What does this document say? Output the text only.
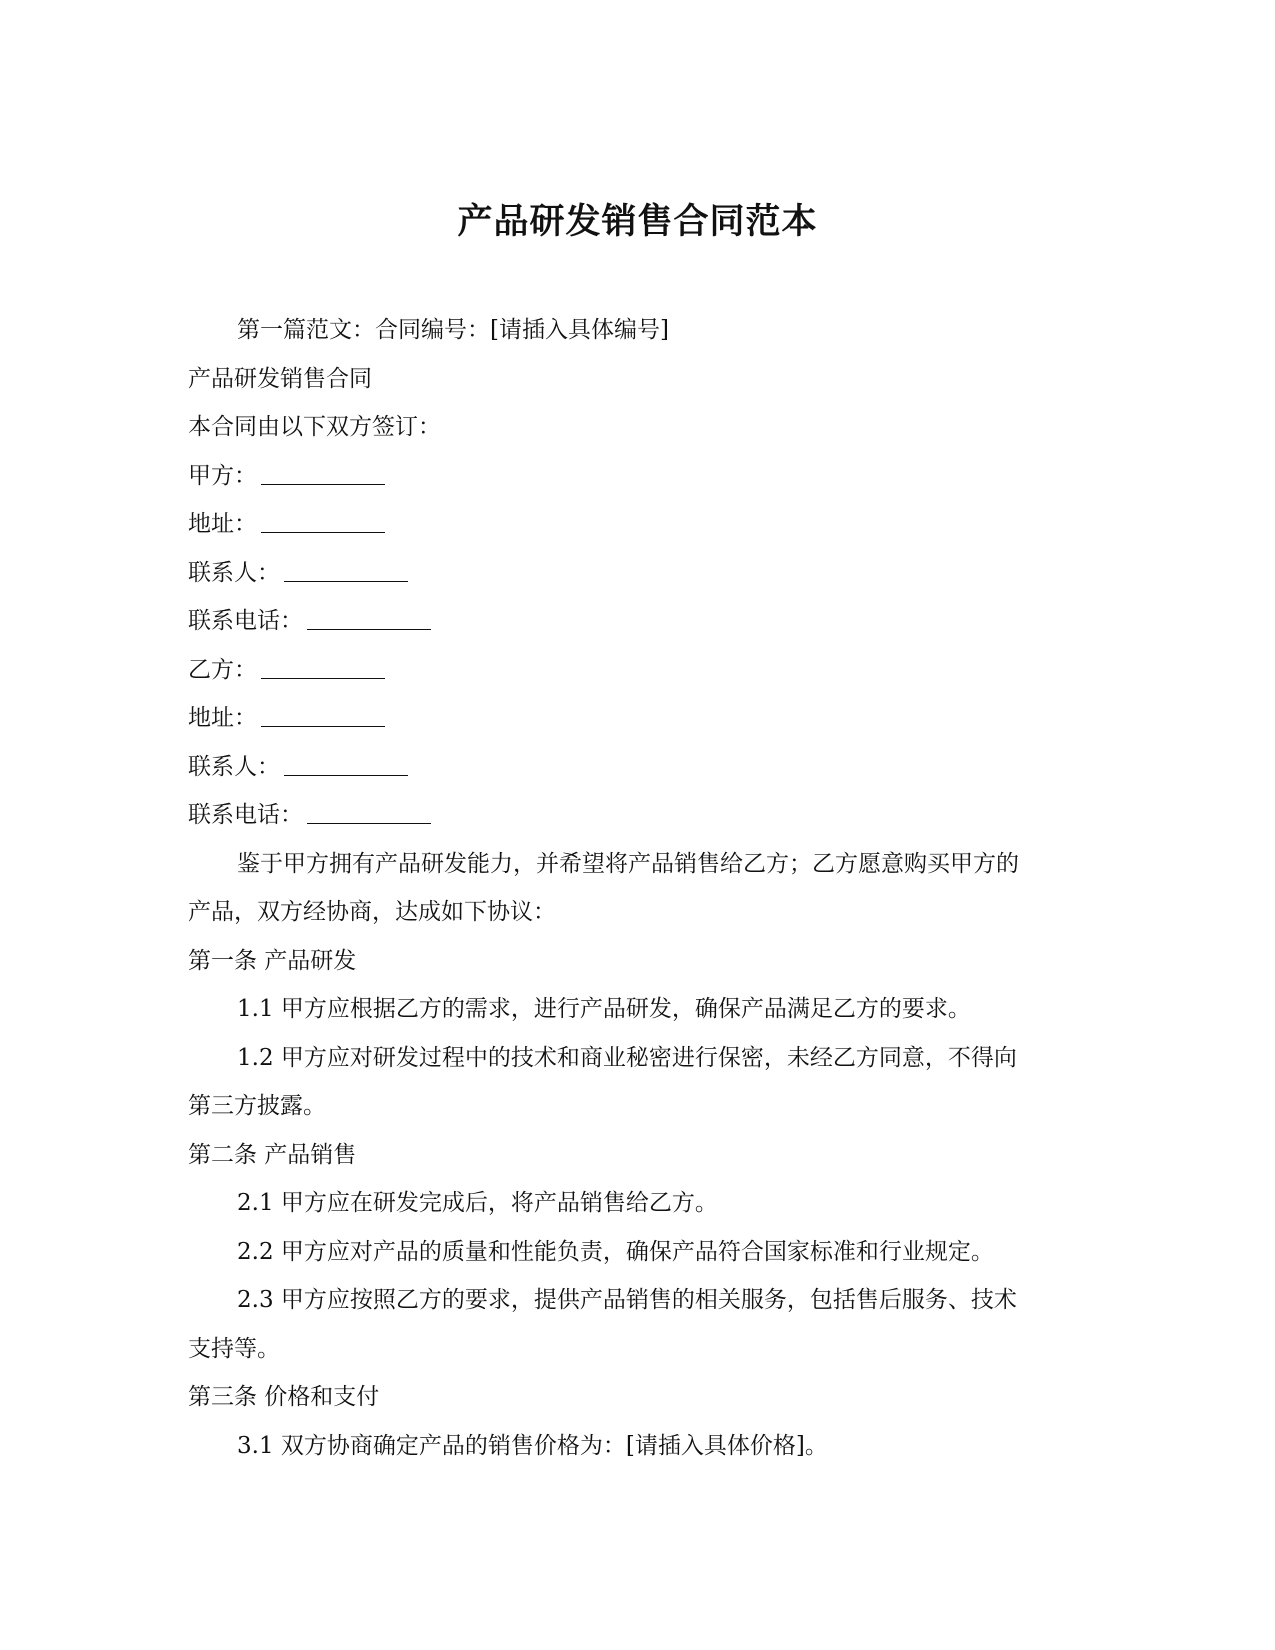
产品研发销售合同范本
第一篇范文：合同编号：[请插入具体编号]
产品研发销售合同
本合同由以下双方签订：
甲方：
地址：
联系人：
联系电话：
乙方：
地址：
联系人：
联系电话：
鉴于甲方拥有产品研发能力，并希望将产品销售给乙方；乙方愿意购买甲方的
产品，双方经协商，达成如下协议：
第一条 产品研发
1.1 甲方应根据乙方的需求，进行产品研发，确保产品满足乙方的要求。
1.2 甲方应对研发过程中的技术和商业秘密进行保密，未经乙方同意，不得向
第三方披露。
第二条 产品销售
2.1 甲方应在研发完成后，将产品销售给乙方。
2.2 甲方应对产品的质量和性能负责，确保产品符合国家标准和行业规定。
2.3 甲方应按照乙方的要求，提供产品销售的相关服务，包括售后服务、技术
支持等。
第三条 价格和支付
3.1 双方协商确定产品的销售价格为：[请插入具体价格]。
